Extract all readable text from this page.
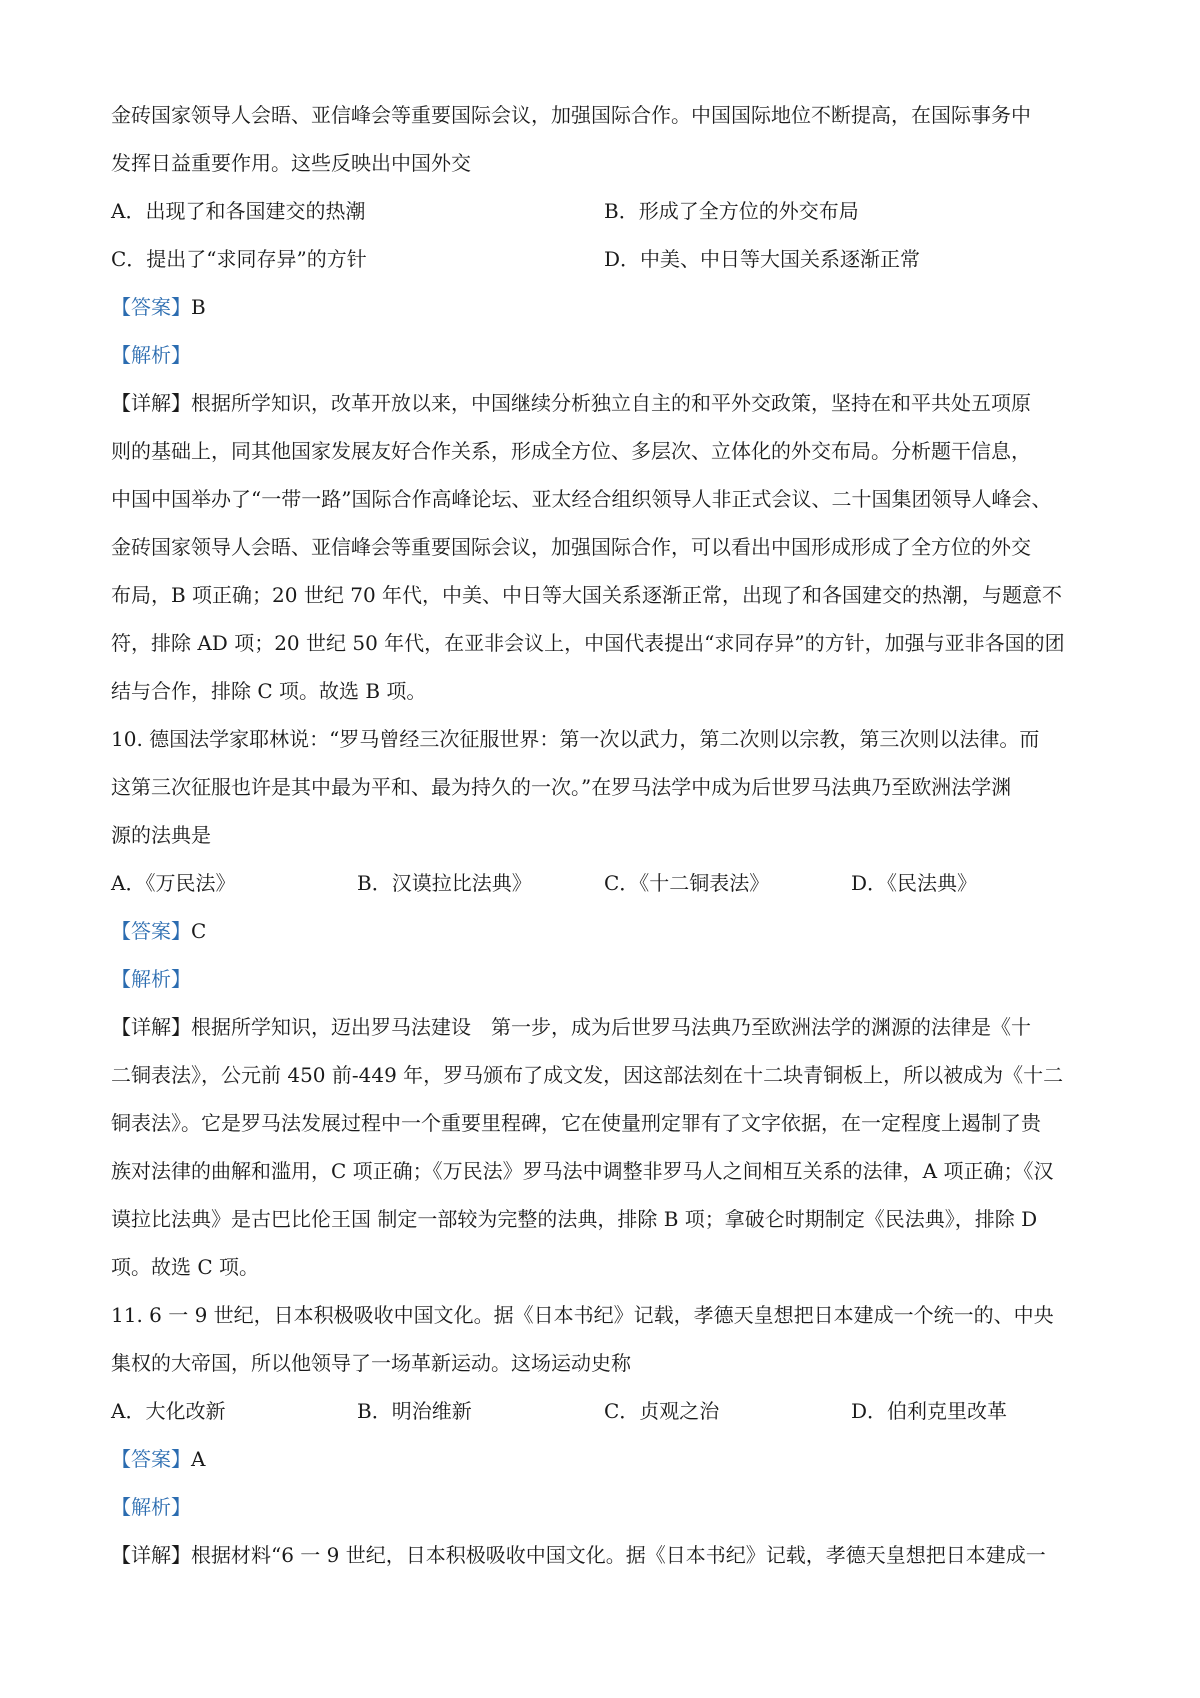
金砖国家领导人会晤、亚信峰会等重要国际会议，加强国际合作。中国国际地位不断提高，在国际事务中
发挥日益重要作用。这些反映出中国外交
A．出现了和各国建交的热潮	B．形成了全方位的外交布局
C．提出了“求同存异”的方针	D．中美、中日等大国关系逐渐正常
【答案】B
【解析】
【详解】根据所学知识，改革开放以来，中国继续分析独立自主的和平外交政策，坚持在和平共处五项原
则的基础上，同其他国家发展友好合作关系，形成全方位、多层次、立体化的外交布局。分析题干信息，
中国中国举办了“一带一路”国际合作高峰论坛、亚太经合组织领导人非正式会议、二十国集团领导人峰会、
金砖国家领导人会晤、亚信峰会等重要国际会议，加强国际合作，可以看出中国形成形成了全方位的外交
布局，B 项正确；20 世纪 70 年代，中美、中日等大国关系逐渐正常，出现了和各国建交的热潮，与题意不
符，排除 AD 项；20 世纪 50 年代，在亚非会议上，中国代表提出“求同存异”的方针，加强与亚非各国的团
结与合作，排除 C 项。故选 B 项。
10. 德国法学家耶林说：“罗马曾经三次征服世界：第一次以武力，第二次则以宗教，第三次则以法律。而
这第三次征服也许是其中最为平和、最为持久的一次。”在罗马法学中成为后世罗马法典乃至欧洲法学渊
源的法典是
A．《万民法》	B．汉谟拉比法典》	C．《十二铜表法》	D．《民法典》
【答案】C
【解析】
【详解】根据所学知识，迈出罗马法建设　第一步，成为后世罗马法典乃至欧洲法学的渊源的法律是《十
二铜表法》，公元前 450 前-449 年，罗马颁布了成文发，因这部法刻在十二块青铜板上，所以被成为《十二
铜表法》。它是罗马法发展过程中一个重要里程碑，它在使量刑定罪有了文字依据，在一定程度上遏制了贵
族对法律的曲解和滥用，C 项正确；《万民法》罗马法中调整非罗马人之间相互关系的法律，A 项正确；《汉
谟拉比法典》是古巴比伦王国 制定一部较为完整的法典，排除 B 项；拿破仑时期制定《民法典》，排除 D
项。故选 C 项。
11. 6 一 9 世纪，日本积极吸收中国文化。据《日本书纪》记载，孝德天皇想把日本建成一个统一的、中央
集权的大帝国，所以他领导了一场革新运动。这场运动史称
A．大化改新	B．明治维新	C．贞观之治	D．伯利克里改革
【答案】A
【解析】
【详解】根据材料“6 一 9 世纪，日本积极吸收中国文化。据《日本书纪》记载，孝德天皇想把日本建成一
